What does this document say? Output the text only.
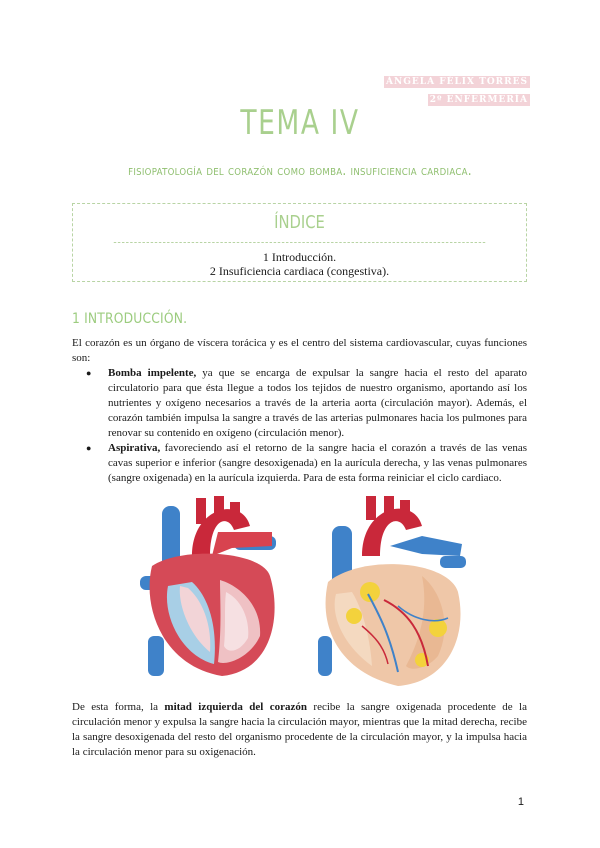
ÁNGELA FÉLIX TORRES
2º ENFERMERÍA
TEMA IV
fisiopatología del corazón como bomba. insuficiencia cardiaca.
ÍNDICE
1 Introducción.
2 Insuficiencia cardiaca (congestiva).
1 INTRODUCCIÓN.
El corazón es un órgano de víscera torácica y es el centro del sistema cardiovascular, cuyas funciones son:
● Bomba impelente, ya que se encarga de expulsar la sangre hacia el resto del aparato circulatorio para que ésta llegue a todos los tejidos de nuestro organismo, aportando así los nutrientes y oxígeno necesarios a través de la arteria aorta (circulación mayor). Además, el corazón también impulsa la sangre a través de las arterias pulmonares hacia los pulmones para renovar su contenido en oxígeno (circulación menor).
● Aspirativa, favoreciendo así el retorno de la sangre hacia el corazón a través de las venas cavas superior e inferior (sangre desoxigenada) en la aurícula derecha, y las venas pulmonares (sangre oxigenada) en la aurícula izquierda. Para de esta forma reiniciar el ciclo cardiaco.
De esta forma, la mitad izquierda del corazón recibe la sangre oxigenada procedente de la circulación menor y expulsa la sangre hacia la circulación mayor, mientras que la mitad derecha, recibe la sangre desoxigenada del resto del organismo procedente de la circulación mayor, y la impulsa hacia la circulación menor para su oxigenación.
1
